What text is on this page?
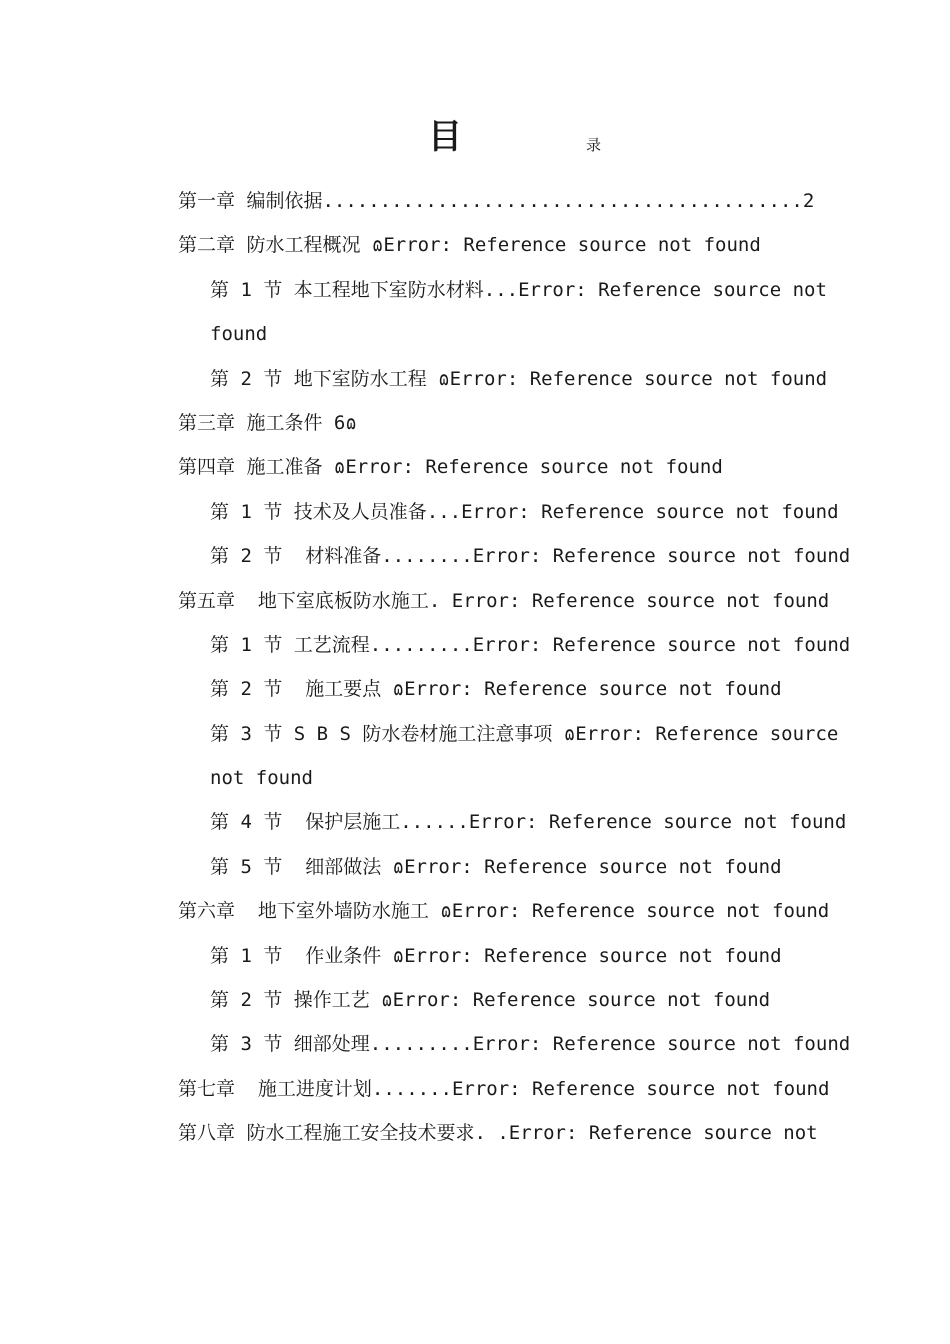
目	录
第一章 编制依据..........................................2
第二章 防水工程概况 ɷError: Reference source not found
第 1 节 本工程地下室防水材料...Error: Reference source not
found
第 2 节 地下室防水工程 ɷError: Reference source not found
第三章 施工条件 6ɷ
第四章 施工准备 ɷError: Reference source not found
第 1 节 技术及人员准备...Error: Reference source not found
第 2 节  材料准备........Error: Reference source not found
第五章  地下室底板防水施工. Error: Reference source not found
第 1 节 工艺流程.........Error: Reference source not found
第 2 节  施工要点 ɷError: Reference source not found
第 3 节 S B S 防水卷材施工注意事项 ɷError: Reference source
not found
第 4 节  保护层施工......Error: Reference source not found
第 5 节  细部做法 ɷError: Reference source not found
第六章  地下室外墙防水施工 ɷError: Reference source not found
第 1 节  作业条件 ɷError: Reference source not found
第 2 节 操作工艺 ɷError: Reference source not found
第 3 节 细部处理.........Error: Reference source not found
第七章  施工进度计划.......Error: Reference source not found
第八章 防水工程施工安全技术要求. .Error: Reference source not
